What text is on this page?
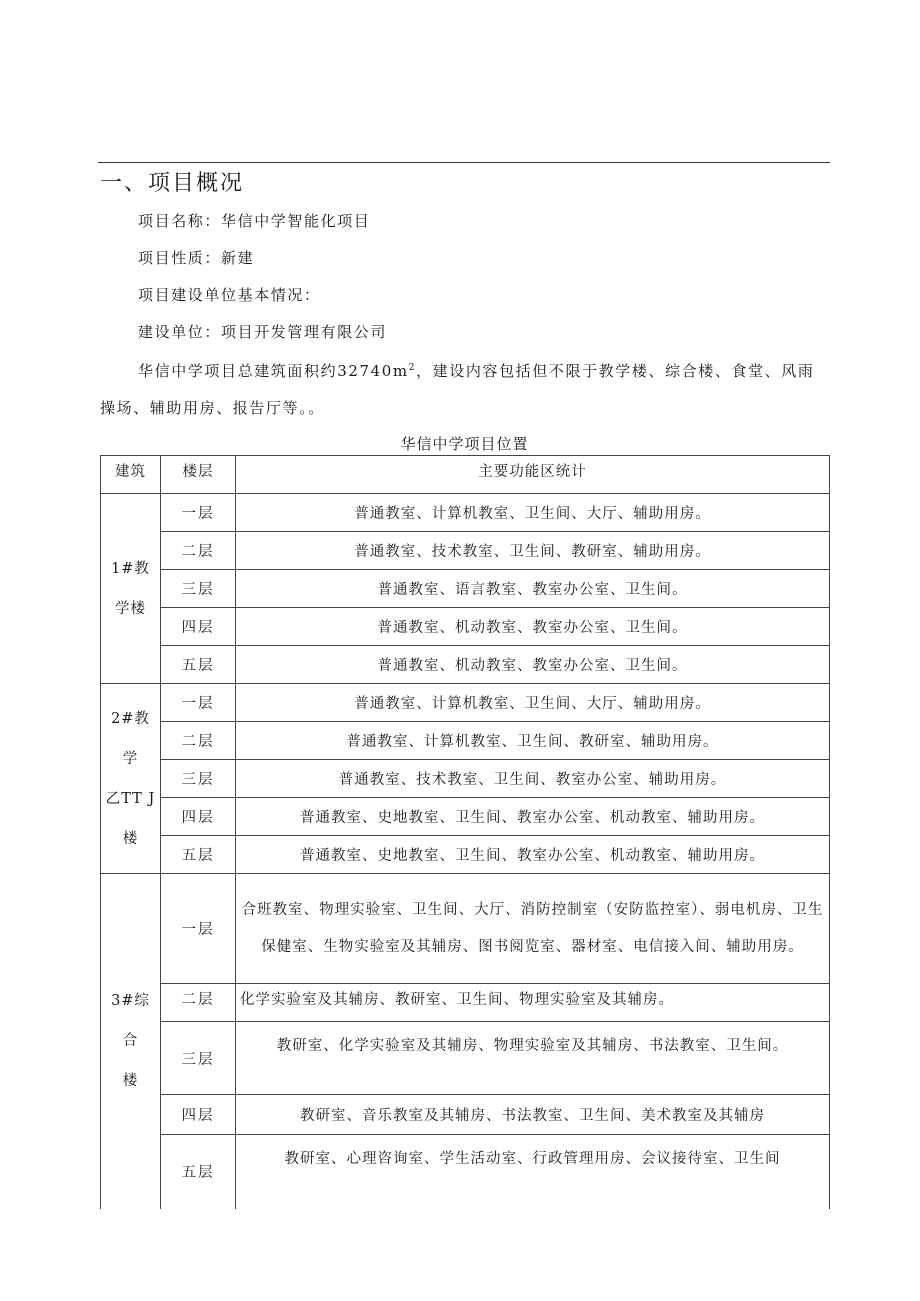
一、项目概况
项目名称：华信中学智能化项目
项目性质：新建
项目建设单位基本情况：
建设单位：项目开发管理有限公司
华信中学项目总建筑面积约$32740m^2$，建设内容包括但不限于教学楼、综合楼、食堂、风雨操场、辅助用房、报告厅等。。
华信中学项目位置
建筑	楼层	主要功能区统计

1#教
学楼	一层	普通教室、计算机教室、卫生间、大厅、辅助用房。
	二层	普通教室、技术教室、卫生间、教研室、辅助用房。
	三层	普通教室、语言教室、教室办公室、卫生间。
	四层	普通教室、机动教室、教室办公室、卫生间。
	五层	普通教室、机动教室、教室办公室、卫生间。

2#教学
乙TT J
楼	一层	普通教室、计算机教室、卫生间、大厅、辅助用房。
	二层	普通教室、计算机教室、卫生间、教研室、辅助用房。
	三层	普通教室、技术教室、卫生间、教室办公室、辅助用房。
	四层	普通教室、史地教室、卫生间、教室办公室、机动教室、辅助用房。
	五层	普通教室、史地教室、卫生间、教室办公室、机动教室、辅助用房。

3#综合
楼	一层	合班教室、物理实验室、卫生间、大厅、消防控制室（安防监控室）、弱电机房、卫生保健室、生物实验室及其辅房、图书阅览室、器材室、电信接入间、辅助用房。
	二层	化学实验室及其辅房、教研室、卫生间、物理实验室及其辅房。
	三层	教研室、化学实验室及其辅房、物理实验室及其辅房、书法教室、卫生间。
	四层	教研室、音乐教室及其辅房、书法教室、卫生间、美术教室及其辅房
	五层	教研室、心理咨询室、学生活动室、行政管理用房、会议接待室、卫生间
